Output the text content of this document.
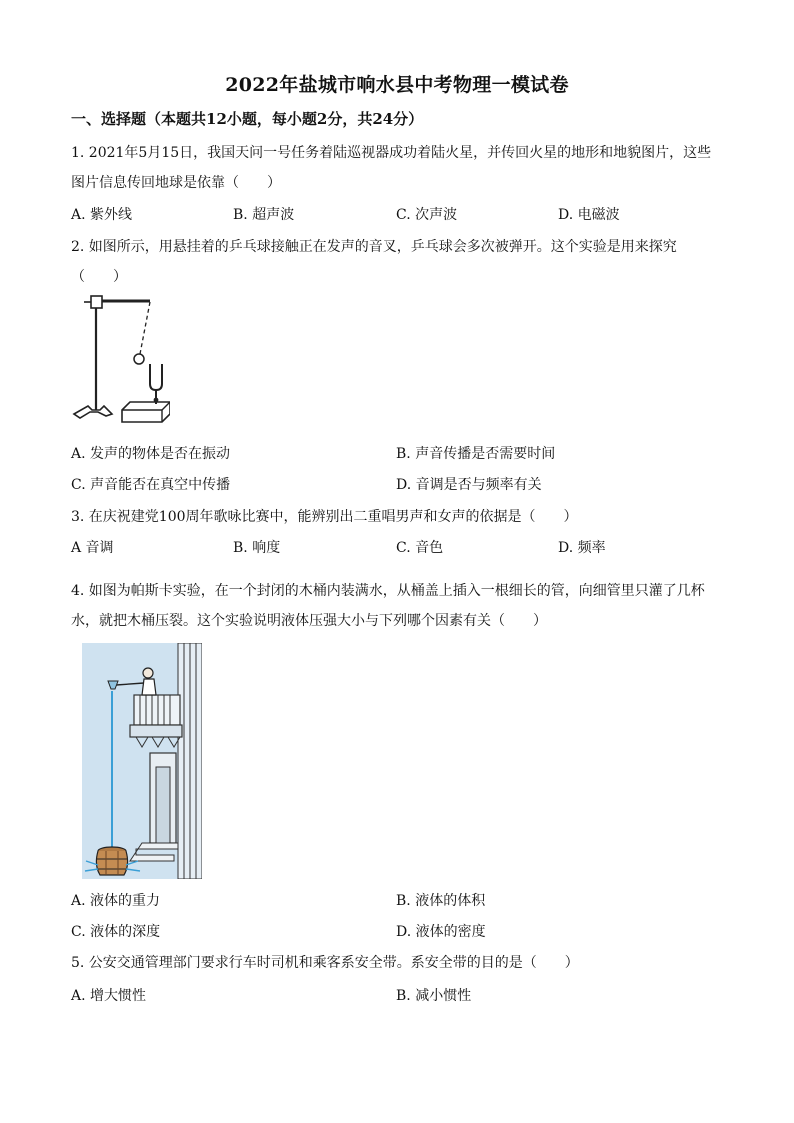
2022年盐城市响水县中考物理一模试卷
一、选择题（本题共12小题，每小题2分，共24分）
1. 2021年5月15日，我国天问一号任务着陆巡视器成功着陆火星，并传回火星的地形和地貌图片，这些
图片信息传回地球是依靠（　　）
A. 紫外线	B. 超声波	C. 次声波	D. 电磁波
2. 如图所示，用悬挂着的乒乓球接触正在发声的音叉，乒乓球会多次被弹开。这个实验是用来探究
（　　）
A. 发声的物体是否在振动	B. 声音传播是否需要时间
C. 声音能否在真空中传播	D. 音调是否与频率有关
3. 在庆祝建党100周年歌咏比赛中，能辨别出二重唱男声和女声的依据是（　　）
A 音调	B. 响度	C. 音色	D. 频率
4. 如图为帕斯卡实验，在一个封闭的木桶内装满水，从桶盖上插入一根细长的管，向细管里只灌了几杯
水，就把木桶压裂。这个实验说明液体压强大小与下列哪个因素有关（　　）
A. 液体的重力	B. 液体的体积
C. 液体的深度	D. 液体的密度
5. 公安交通管理部门要求行车时司机和乘客系安全带。系安全带的目的是（　　）
A. 增大惯性	B. 减小惯性
